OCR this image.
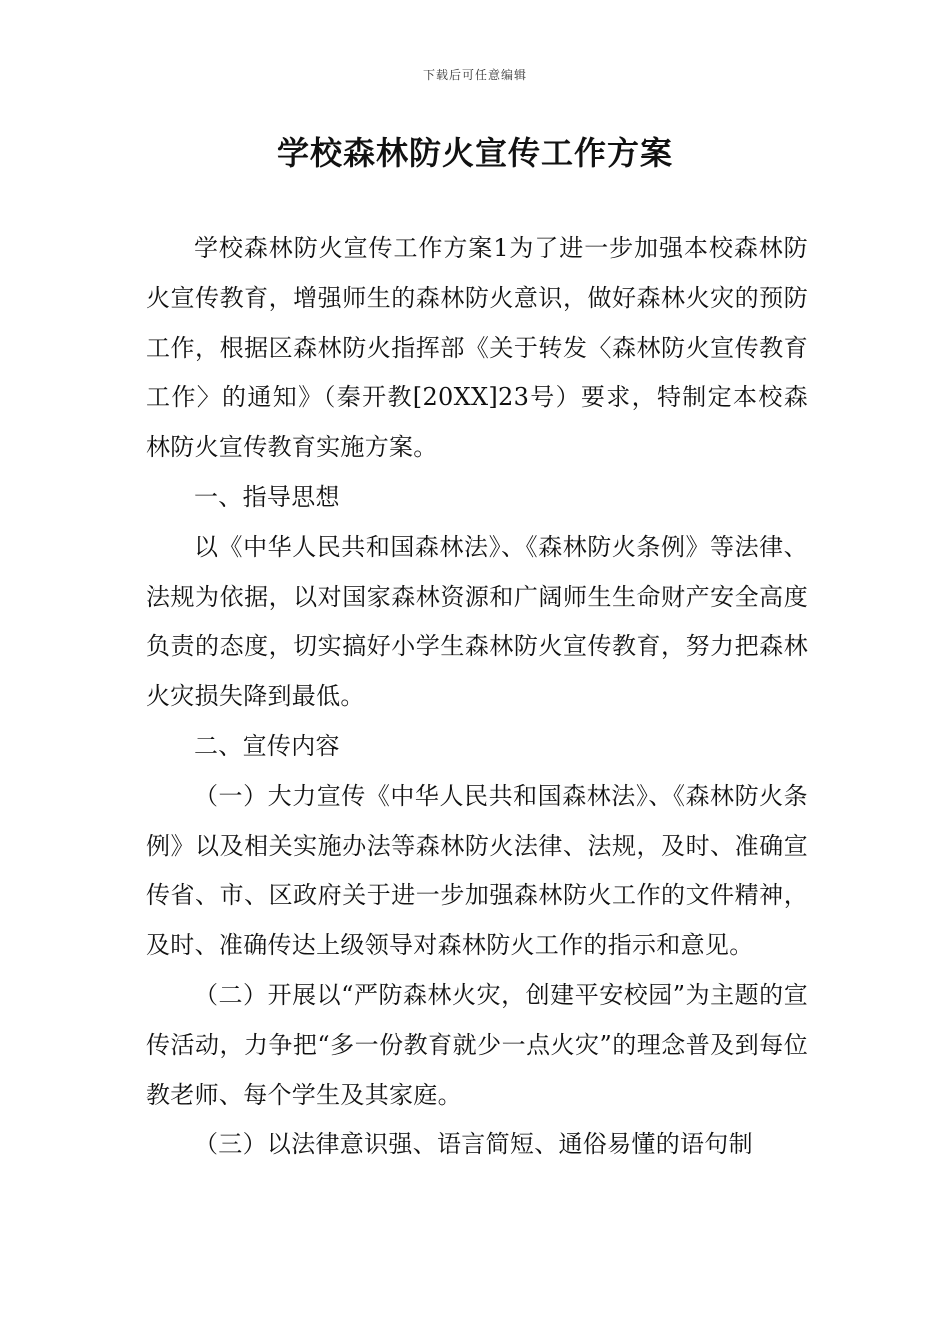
下载后可任意编辑
学校森林防火宣传工作方案

学校森林防火宣传工作方案1为了进一步加强本校森林防火宣传教育，增强师生的森林防火意识，做好森林火灾的预防工作，根据区森林防火指挥部《关于转发〈森林防火宣传教育工作〉的通知》（秦开教[20XX]23号）要求，特制定本校森林防火宣传教育实施方案。

一、指导思想

以《中华人民共和国森林法》、《森林防火条例》等法律、法规为依据，以对国家森林资源和广阔师生生命财产安全高度负责的态度，切实搞好小学生森林防火宣传教育，努力把森林火灾损失降到最低。

二、宣传内容

（一）大力宣传《中华人民共和国森林法》、《森林防火条例》以及相关实施办法等森林防火法律、法规，及时、准确宣传省、市、区政府关于进一步加强森林防火工作的文件精神，及时、准确传达上级领导对森林防火工作的指示和意见。

（二）开展以“严防森林火灾，创建平安校园”为主题的宣传活动，力争把“多一份教育就少一点火灾”的理念普及到每位教老师、每个学生及其家庭。

（三）以法律意识强、语言简短、通俗易懂的语句制
